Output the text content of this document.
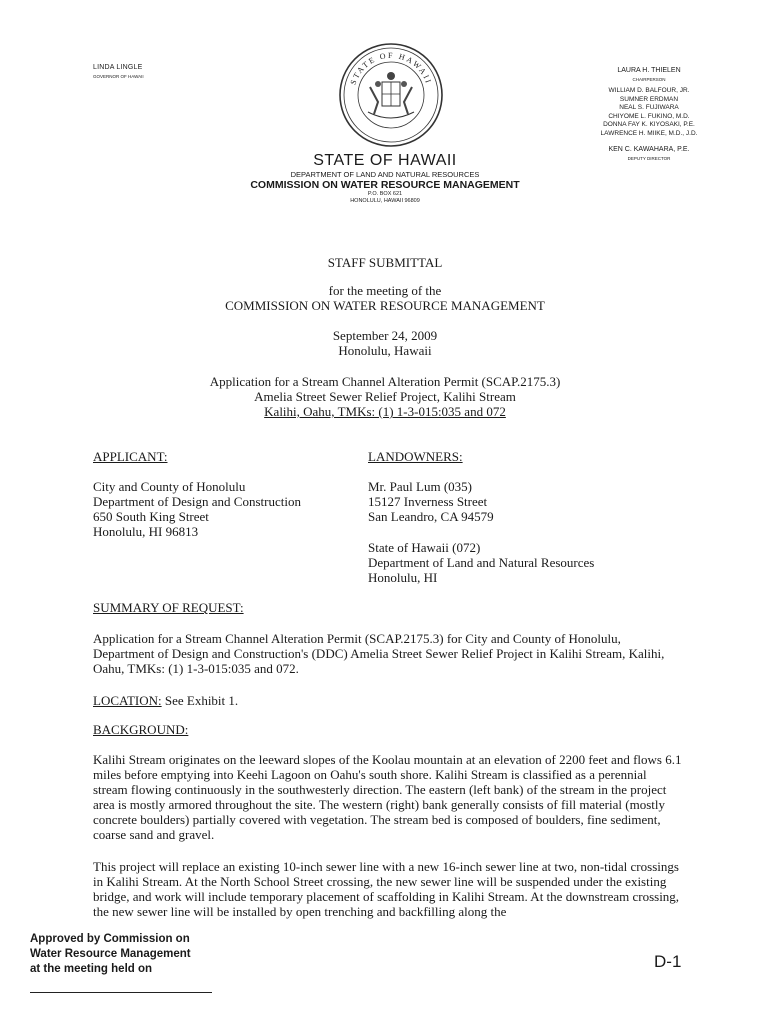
LINDA LINGLE
GOVERNOR OF HAWAII
STATE OF HAWAII
LAURA H. THIELEN
CHAIRPERSON
WILLIAM D. BALFOUR, JR.
SUMNER ERDMAN
NEAL S. FUJIWARA
CHIYOME L. FUKINO, M.D.
DONNA FAY K. KIYOSAKI, P.E.
LAWRENCE H. MIIKE, M.D., J.D.
KEN C. KAWAHARA, P.E.
DEPUTY DIRECTOR
STATE OF HAWAII
DEPARTMENT OF LAND AND NATURAL RESOURCES
COMMISSION ON WATER RESOURCE MANAGEMENT
P.O. BOX 621
HONOLULU, HAWAII 96809
STAFF SUBMITTAL
for the meeting of the
COMMISSION ON WATER RESOURCE MANAGEMENT
September 24, 2009
Honolulu, Hawaii
Application for a Stream Channel Alteration Permit (SCAP.2175.3)
Amelia Street Sewer Relief Project, Kalihi Stream
Kalihi, Oahu, TMKs: (1) 1-3-015:035 and 072
APPLICANT:
City and County of Honolulu
Department of Design and Construction
650 South King Street
Honolulu, HI 96813
LANDOWNERS:
Mr. Paul Lum (035)
15127 Inverness Street
San Leandro, CA 94579
State of Hawaii (072)
Department of Land and Natural Resources
Honolulu, HI
SUMMARY OF REQUEST:
Application for a Stream Channel Alteration Permit (SCAP.2175.3) for City and County of Honolulu, Department of Design and Construction's (DDC) Amelia Street Sewer Relief Project in Kalihi Stream, Kalihi, Oahu, TMKs: (1) 1-3-015:035 and 072.
LOCATION: See Exhibit 1.
BACKGROUND:
Kalihi Stream originates on the leeward slopes of the Koolau mountain at an elevation of 2200 feet and flows 6.1 miles before emptying into Keehi Lagoon on Oahu's south shore. Kalihi Stream is classified as a perennial stream flowing continuously in the southwesterly direction. The eastern (left bank) of the stream in the project area is mostly armored throughout the site. The western (right) bank generally consists of fill material (mostly concrete boulders) partially covered with vegetation. The stream bed is composed of boulders, fine sediment, coarse sand and gravel.
This project will replace an existing 10-inch sewer line with a new 16-inch sewer line at two, non-tidal crossings in Kalihi Stream. At the North School Street crossing, the new sewer line will be suspended under the existing bridge, and work will include temporary placement of scaffolding in Kalihi Stream. At the downstream crossing, the new sewer line will be installed by open trenching and backfilling along the
Approved by Commission on
Water Resource Management
at the meeting held on	D-1
